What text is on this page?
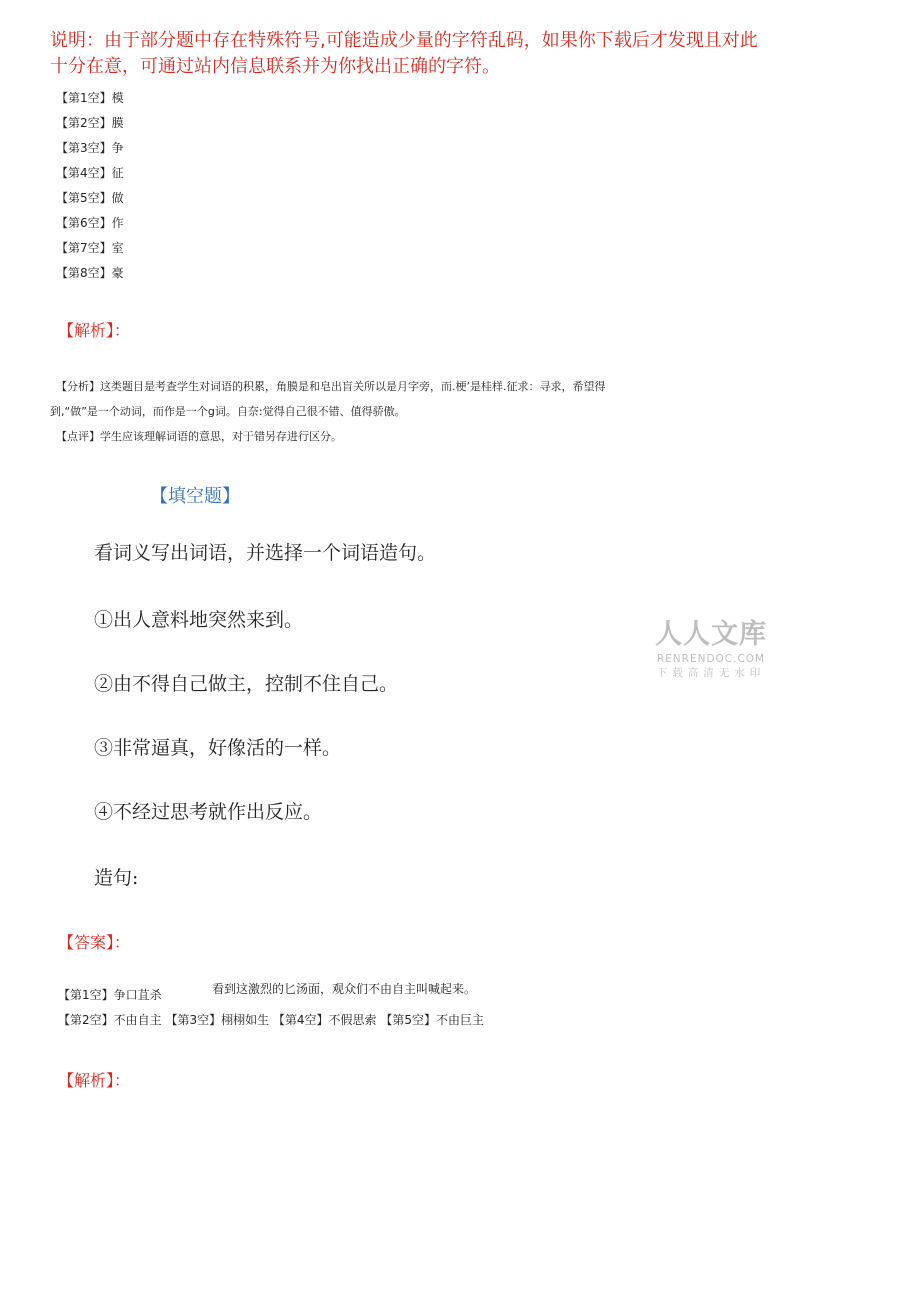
说明：由于部分题中存在特殊符号,可能造成少量的字符乱码，如果你下载后才发现且对此
十分在意，可通过站内信息联系并为你找出正确的字符。
【第1空】模
【第2空】膜
【第3空】争
【第4空】征
【第5空】做
【第6空】作
【第7空】室
【第8空】豪
【解析】：

【分析】这类题目是考查学生对词语的积累，角膜是和皂出盲关所以是月字旁，而.梗’是桂样.征求：寻求，希望得

到,“做”是一个动词，而作是一个g词。自奈:觉得自己很不错、值得骄傲。

【点评】学生应该理解词语的意思，对于错另存进行区分。

【填空题】

看词义写出词语，并选择一个词语造句。

①出人意料地突然来到。

②由不得自己做主，控制不住自己。

③非常逼真，好像活的一样。

④不经过思考就作出反应。

造句:

人人文库
RENRENDOC.COM
下载高清无水印
【答案】：

【第1空】争口苴杀	看到这激烈的匕汤面，观众们不由自主叫喊起来。

【第2空】不由自主 【第3空】栩栩如生 【第4空】不假思索 【第5空】不由巨主

【解析】：
